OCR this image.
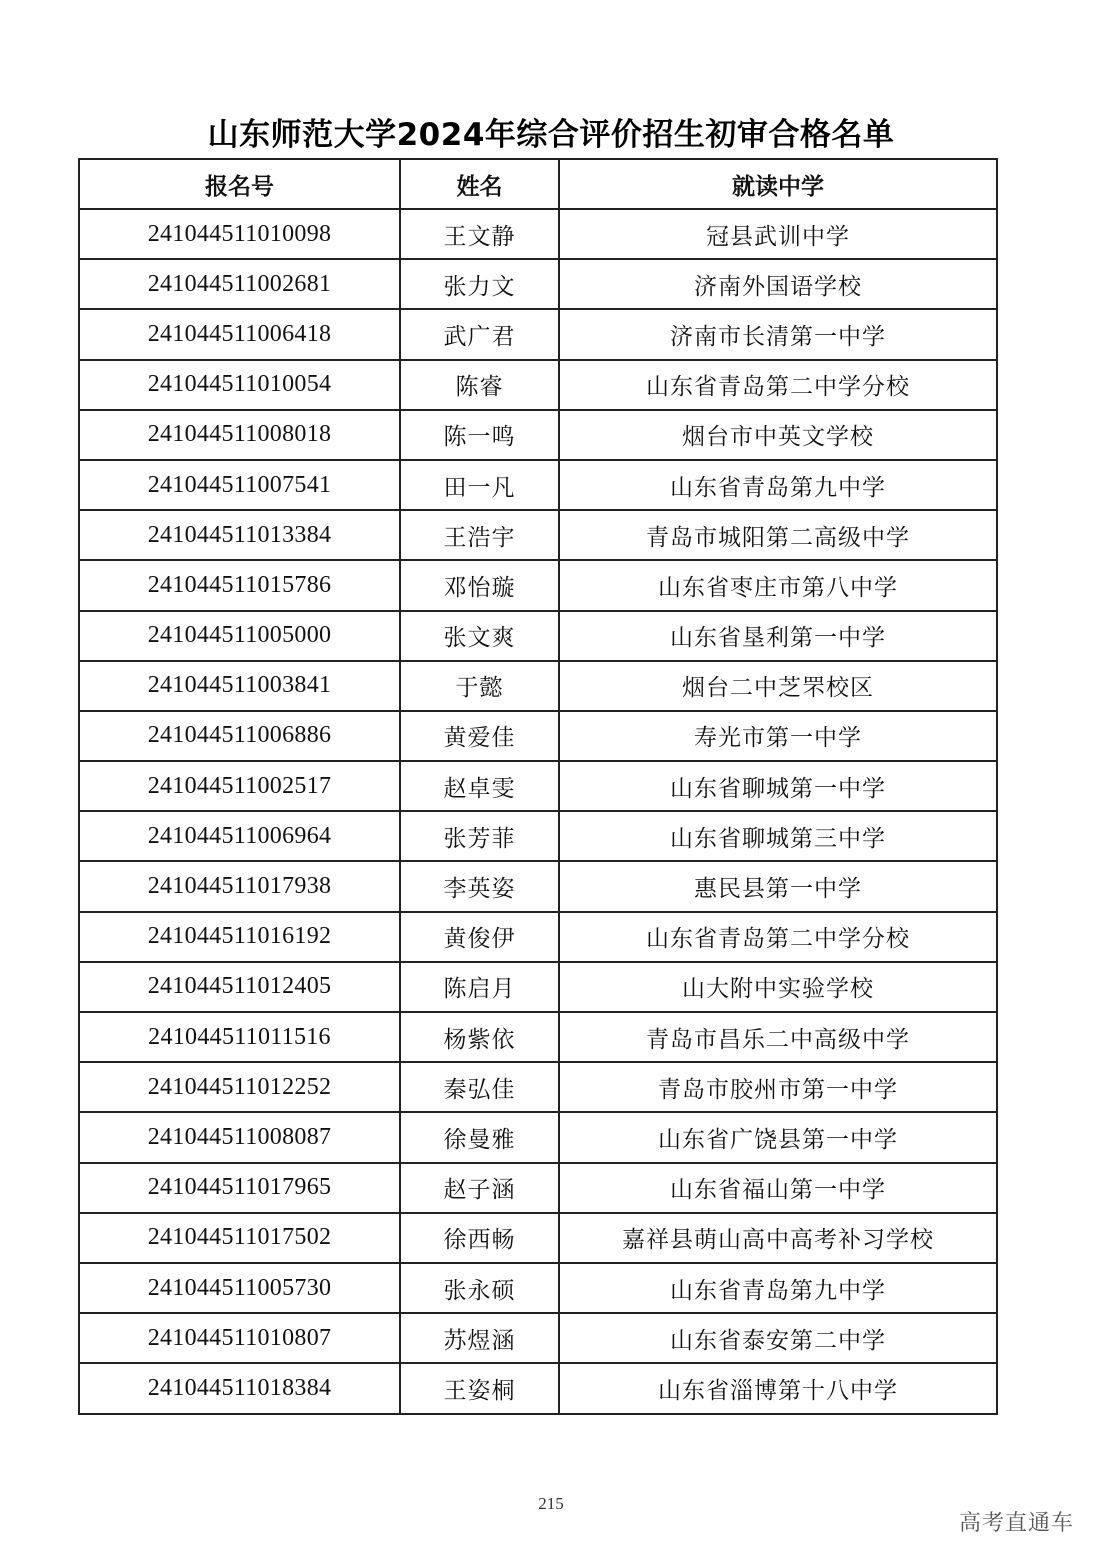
山东师范大学2024年综合评价招生初审合格名单
报名号	姓名	就读中学
241044511010098	王文静	冠县武训中学
241044511002681	张力文	济南外国语学校
241044511006418	武广君	济南市长清第一中学
241044511010054	陈睿	山东省青岛第二中学分校
241044511008018	陈一鸣	烟台市中英文学校
241044511007541	田一凡	山东省青岛第九中学
241044511013384	王浩宇	青岛市城阳第二高级中学
241044511015786	邓怡璇	山东省枣庄市第八中学
241044511005000	张文爽	山东省垦利第一中学
241044511003841	于懿	烟台二中芝罘校区
241044511006886	黄爱佳	寿光市第一中学
241044511002517	赵卓雯	山东省聊城第一中学
241044511006964	张芳菲	山东省聊城第三中学
241044511017938	李英姿	惠民县第一中学
241044511016192	黄俊伊	山东省青岛第二中学分校
241044511012405	陈启月	山大附中实验学校
241044511011516	杨紫依	青岛市昌乐二中高级中学
241044511012252	秦弘佳	青岛市胶州市第一中学
241044511008087	徐曼雅	山东省广饶县第一中学
241044511017965	赵子涵	山东省福山第一中学
241044511017502	徐西畅	嘉祥县萌山高中高考补习学校
241044511005730	张永硕	山东省青岛第九中学
241044511010807	苏煜涵	山东省泰安第二中学
241044511018384	王姿桐	山东省淄博第十八中学
215
高考直通车
